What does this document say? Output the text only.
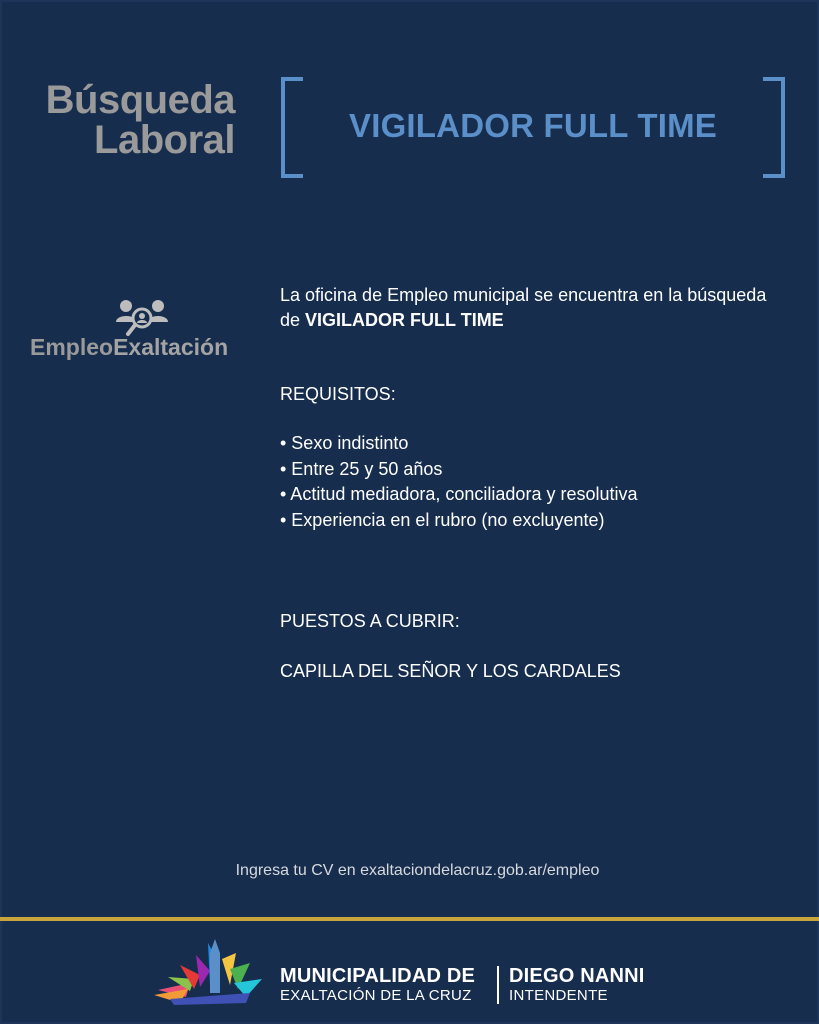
Búsqueda
Laboral	VIGILADOR FULL TIME
EmpleoExaltación

La oficina de Empleo municipal se encuentra en la búsqueda de VIGILADOR FULL TIME

REQUISITOS:

• Sexo indistinto
• Entre 25 y 50 años
• Actitud mediadora, conciliadora y resolutiva
• Experiencia en el rubro (no excluyente)

PUESTOS A CUBRIR:

CAPILLA DEL SEÑOR Y LOS CARDALES

Ingresa tu CV en exaltaciondelacruz.gob.ar/empleo
MUNICIPALIDAD DE
EXALTACIÓN DE LA CRUZ
DIEGO NANNI
INTENDENTE
